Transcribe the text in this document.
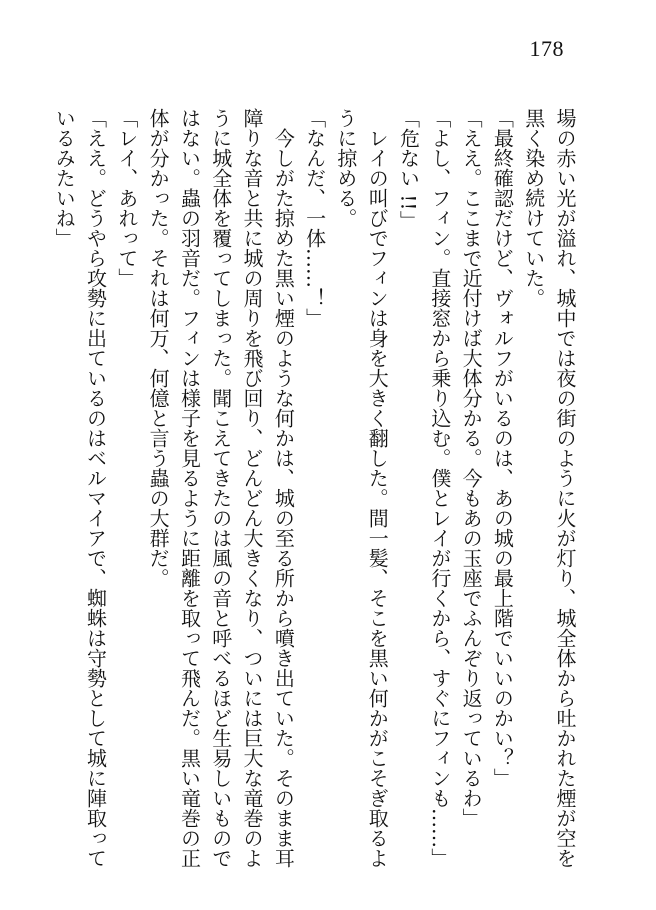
178
場の赤い光が溢れ、城中では夜の街のように火が灯り、城全体から吐かれた煙が空を
黒く染め続けていた。
「最終確認だけど、ヴォルフがいるのは、あの城の最上階でいいのかい？」
「ええ。ここまで近付けば大体分かる。今もあの玉座でふんぞり返っているわ」
「よし、フィン。直接窓から乗り込む。僕とレイが行くから、すぐにフィンも……」
「危ない !!」
　レイの叫びでフィンは身を大きく翻した。間一髪、そこを黒い何かがこそぎ取るよ
うに掠める。
「なんだ、一体……！」
　今しがた掠めた黒い煙のような何かは、城の至る所から噴き出ていた。そのまま耳
障りな音と共に城の周りを飛び回り、どんどん大きくなり、ついには巨大な竜巻のよ
うに城全体を覆ってしまった。聞こえてきたのは風の音と呼べるほど生易しいもので
はない。蟲の羽音だ。フィンは様子を見るように距離を取って飛んだ。黒い竜巻の正
体が分かった。それは何万、何億と言う蟲の大群だ。
「レイ、あれって」
「ええ。どうやら攻勢に出ているのはベルマイアで、蜘蛛は守勢として城に陣取って
いるみたいね」
